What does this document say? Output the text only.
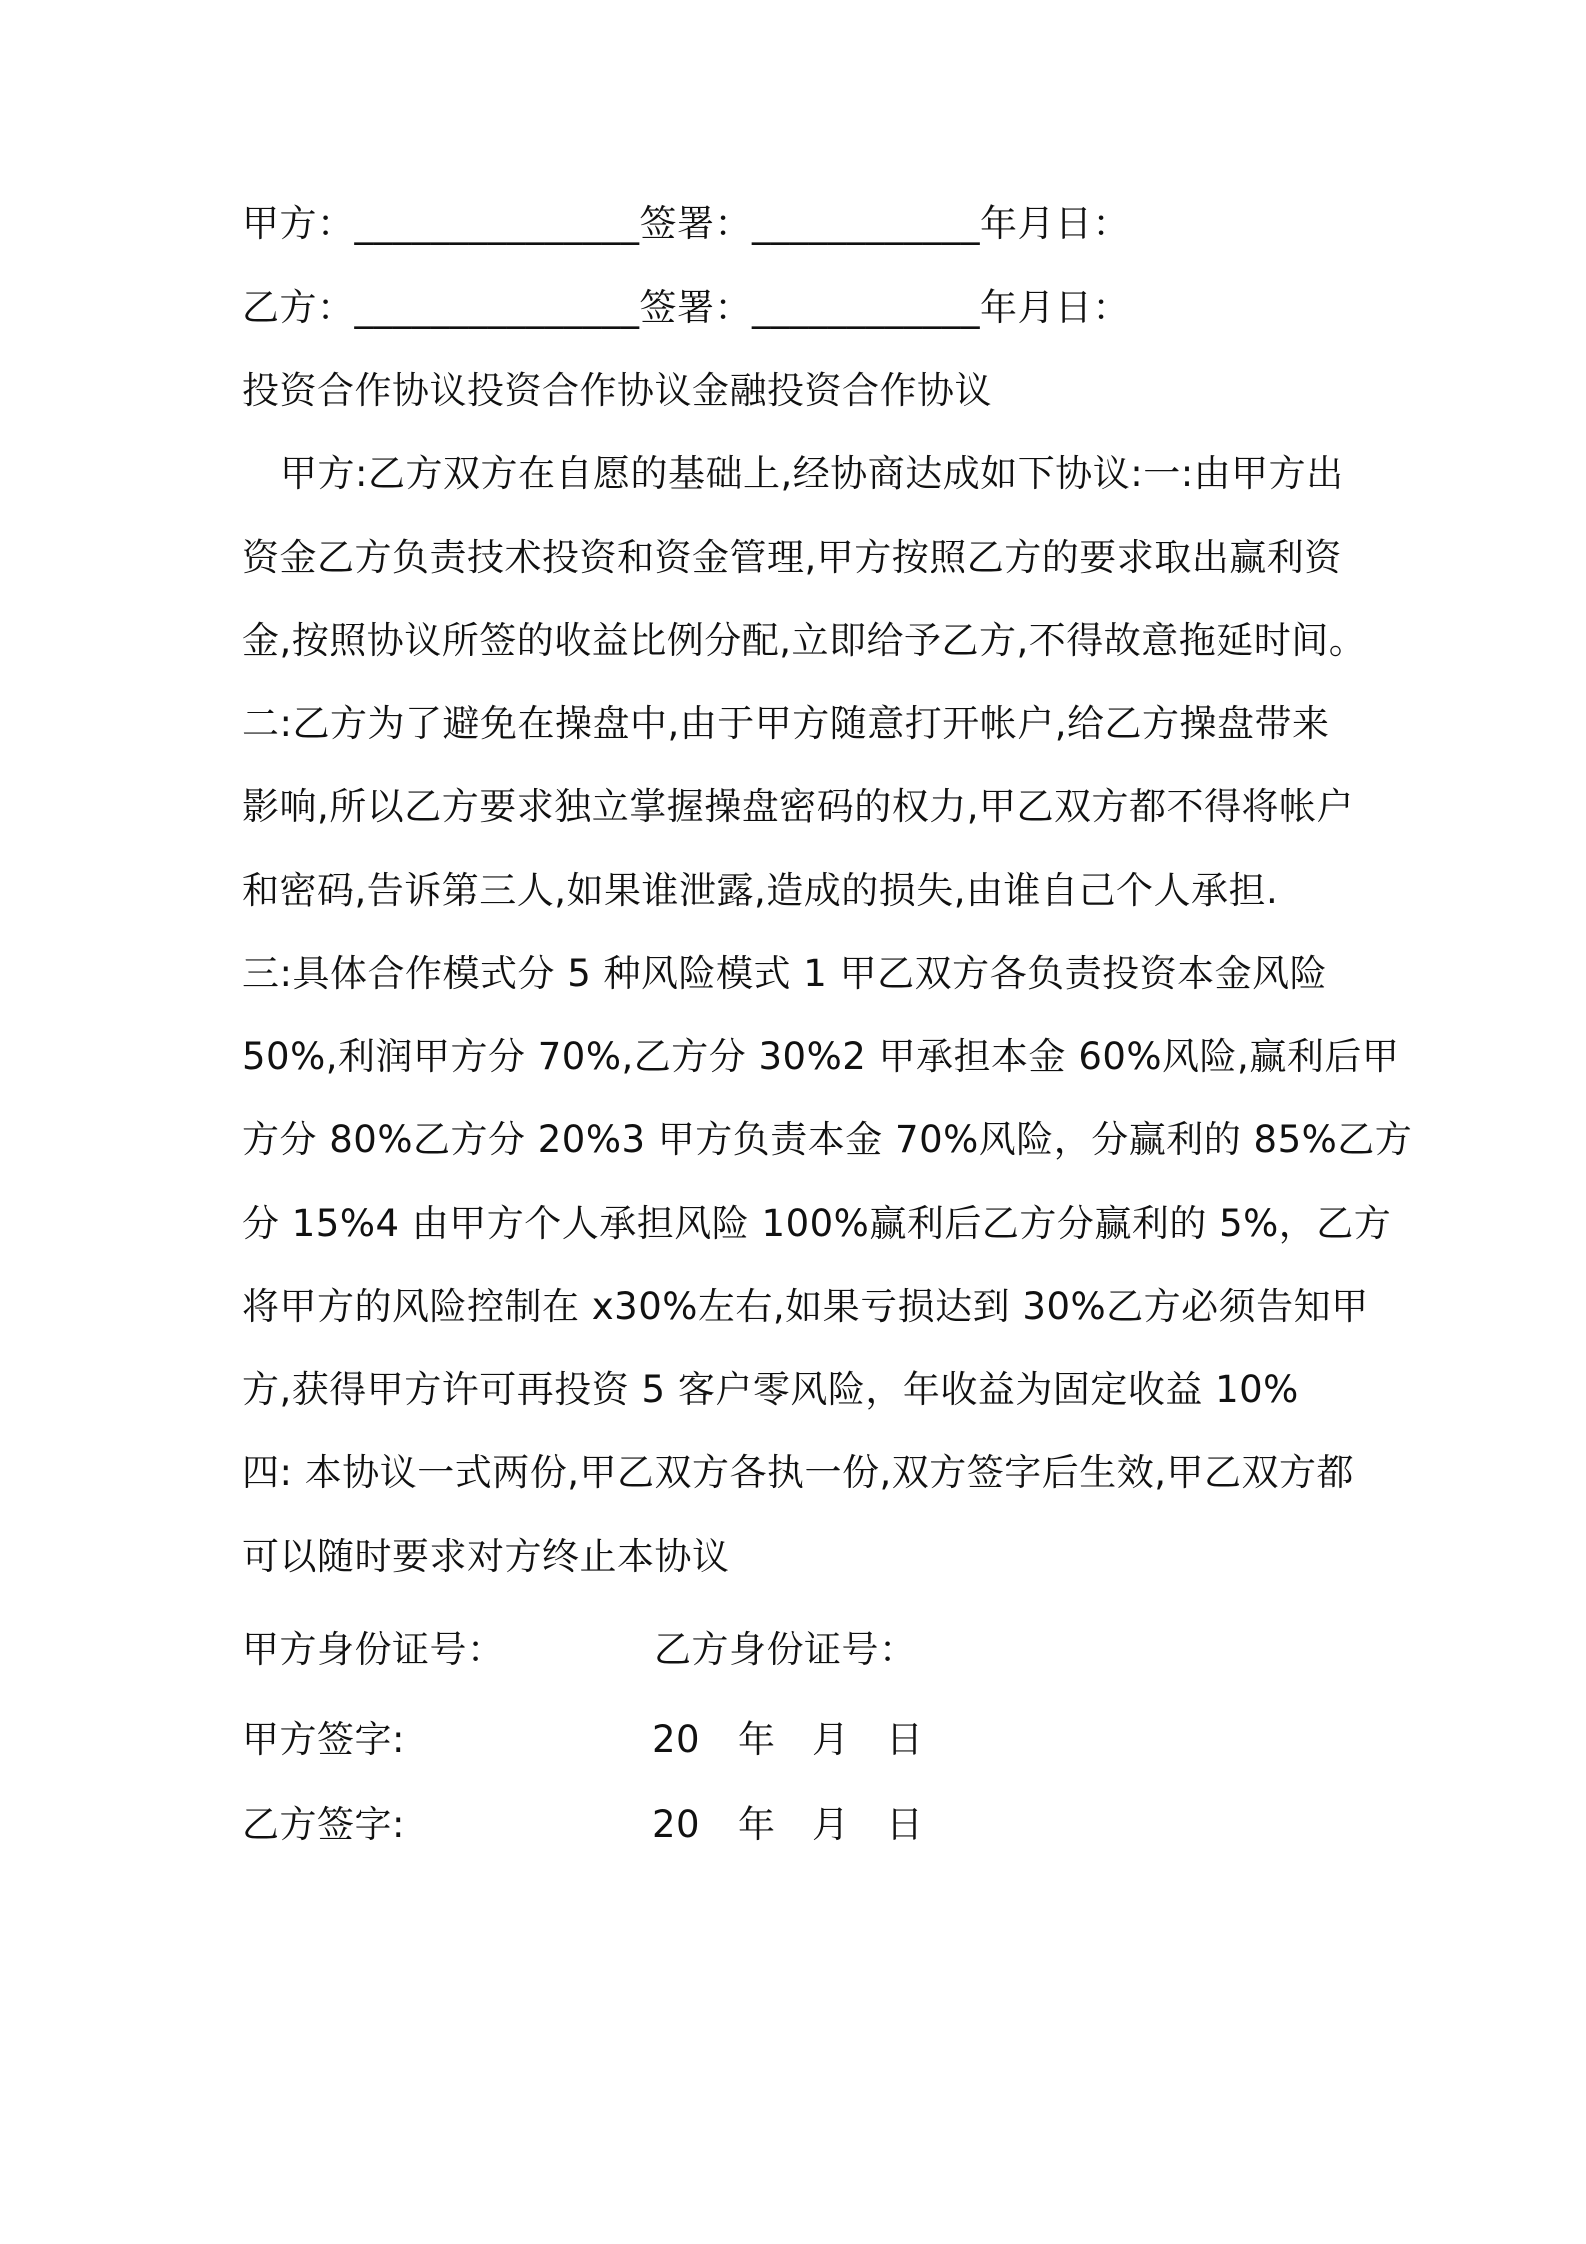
甲方：_______________签署：____________年月日：
乙方：_______________签署：____________年月日：
投资合作协议投资合作协议金融投资合作协议
甲方:乙方双方在自愿的基础上,经协商达成如下协议:一:由甲方出
资金乙方负责技术投资和资金管理,甲方按照乙方的要求取出赢利资
金,按照协议所签的收益比例分配,立即给予乙方,不得故意拖延时间。
二:乙方为了避免在操盘中,由于甲方随意打开帐户,给乙方操盘带来
影响,所以乙方要求独立掌握操盘密码的权力,甲乙双方都不得将帐户
和密码,告诉第三人,如果谁泄露,造成的损失,由谁自己个人承担.
三:具体合作模式分 5 种风险模式 1 甲乙双方各负责投资本金风险
50%,利润甲方分 70%,乙方分 30%2 甲承担本金 60%风险,赢利后甲
方分 80%乙方分 20%3 甲方负责本金 70%风险，分赢利的 85%乙方
分 15%4 由甲方个人承担风险 100%赢利后乙方分赢利的 5%，乙方
将甲方的风险控制在 x30%左右,如果亏损达到 30%乙方必须告知甲
方,获得甲方许可再投资 5 客户零风险，年收益为固定收益 10%
四: 本协议一式两份,甲乙双方各执一份,双方签字后生效,甲乙双方都
可以随时要求对方终止本协议
甲方身份证号：	乙方身份证号：
甲方签字:	20 年 月 日
乙方签字:	20 年 月 日
